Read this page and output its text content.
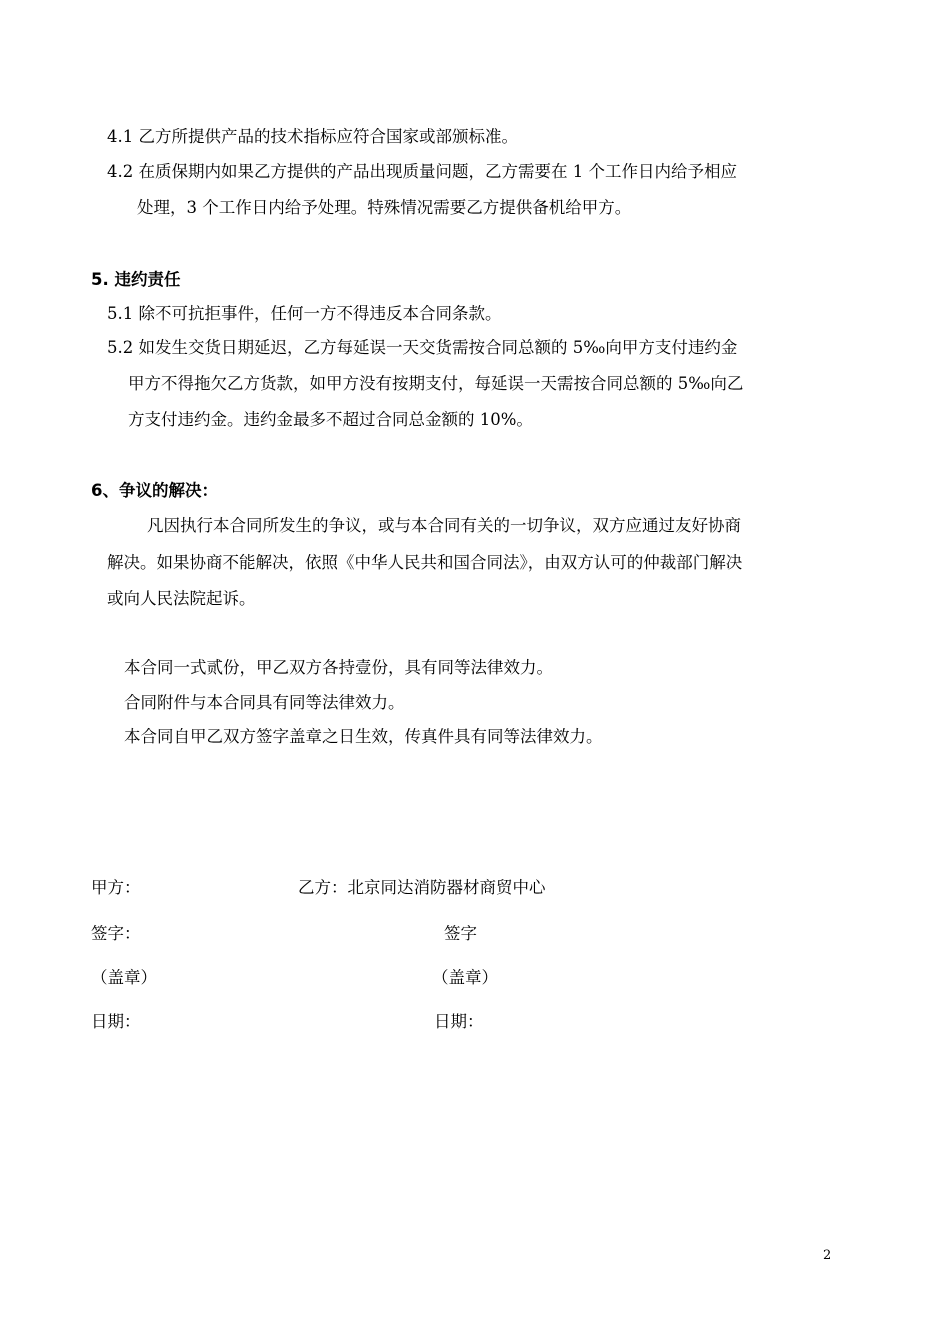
4.1 乙方所提供产品的技术指标应符合国家或部颁标准。
4.2 在质保期内如果乙方提供的产品出现质量问题，乙方需要在 1 个工作日内给予相应
处理，3 个工作日内给予处理。特殊情况需要乙方提供备机给甲方。
5. 违约责任
5.1 除不可抗拒事件，任何一方不得违反本合同条款。
5.2 如发生交货日期延迟，乙方每延误一天交货需按合同总额的 5‰向甲方支付违约金
甲方不得拖欠乙方货款，如甲方没有按期支付，每延误一天需按合同总额的 5‰向乙
方支付违约金。违约金最多不超过合同总金额的 10%。
6、争议的解决：
凡因执行本合同所发生的争议，或与本合同有关的一切争议，双方应通过友好协商
解决。如果协商不能解决，依照《中华人民共和国合同法》，由双方认可的仲裁部门解决
或向人民法院起诉。
本合同一式贰份，甲乙双方各持壹份，具有同等法律效力。
合同附件与本合同具有同等法律效力。
本合同自甲乙双方签字盖章之日生效，传真件具有同等法律效力。
甲方：	乙方：北京同达消防器材商贸中心
签字：	签字
（盖章）	（盖章）
日期：	日期：
2
